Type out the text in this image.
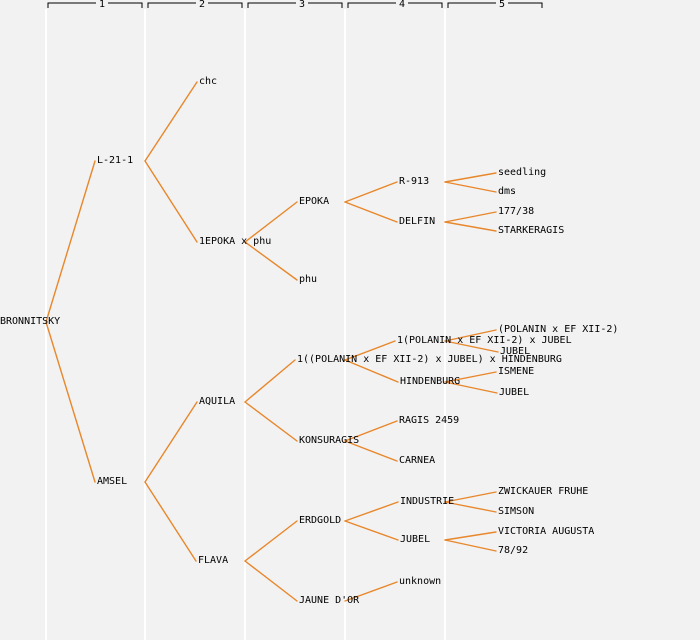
1	2	3	4	5
BRONNITSKY
L-21-1
AMSEL
chc
1EPOKA x phu
AQUILA
FLAVA
EPOKA
phu
1((POLANIN x EF XII-2) x JUBEL) x HINDENBURG
KONSURAGIS
ERDGOLD
JAUNE D'OR
R-913
DELFIN
1(POLANIN x EF XII-2) x JUBEL
HINDENBURG
RAGIS 2459
CARNEA
INDUSTRIE
JUBEL
unknown
seedling
dms
177/38
STARKERAGIS
(POLANIN x EF XII-2)
JUBEL
ISMENE
JUBEL
ZWICKAUER FRUHE
SIMSON
VICTORIA AUGUSTA
78/92
